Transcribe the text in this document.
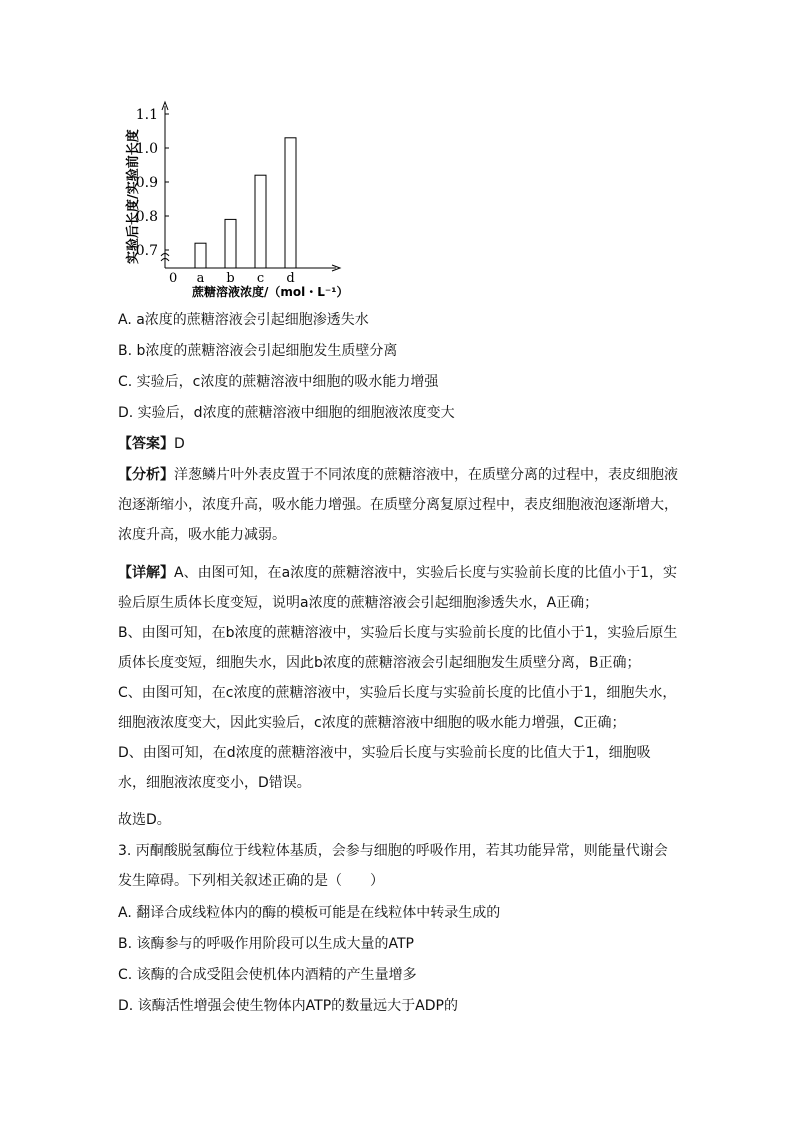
0.7
0.8
0.9
1.0
1.1
a b c d
0
实验后长度/实验前长度
蔗糖溶液浓度/（mol・L⁻¹）
A. a浓度的蔗糖溶液会引起细胞渗透失水
B. b浓度的蔗糖溶液会引起细胞发生质壁分离
C. 实验后，c浓度的蔗糖溶液中细胞的吸水能力增强
D. 实验后，d浓度的蔗糖溶液中细胞的细胞液浓度变大
【答案】D
【分析】洋葱鳞片叶外表皮置于不同浓度的蔗糖溶液中，在质壁分离的过程中，表皮细胞液泡逐渐缩小，浓度升高，吸水能力增强。在质壁分离复原过程中，表皮细胞液泡逐渐增大，浓度升高，吸水能力减弱。
【详解】A、由图可知，在a浓度的蔗糖溶液中，实验后长度与实验前长度的比值小于1，实验后原生质体长度变短，说明a浓度的蔗糖溶液会引起细胞渗透失水，A正确；
B、由图可知，在b浓度的蔗糖溶液中，实验后长度与实验前长度的比值小于1，实验后原生质体长度变短，细胞失水，因此b浓度的蔗糖溶液会引起细胞发生质壁分离，B正确；
C、由图可知，在c浓度的蔗糖溶液中，实验后长度与实验前长度的比值小于1，细胞失水，细胞液浓度变大，因此实验后，c浓度的蔗糖溶液中细胞的吸水能力增强，C正确；
D、由图可知，在d浓度的蔗糖溶液中，实验后长度与实验前长度的比值大于1，细胞吸水，细胞液浓度变小，D错误。
故选D。
3. 丙酮酸脱氢酶位于线粒体基质，会参与细胞的呼吸作用，若其功能异常，则能量代谢会发生障碍。下列相关叙述正确的是（　　）
A. 翻译合成线粒体内的酶的模板可能是在线粒体中转录生成的
B. 该酶参与的呼吸作用阶段可以生成大量的ATP
C. 该酶的合成受阻会使机体内酒精的产生量增多
D. 该酶活性增强会使生物体内ATP的数量远大于ADP的
